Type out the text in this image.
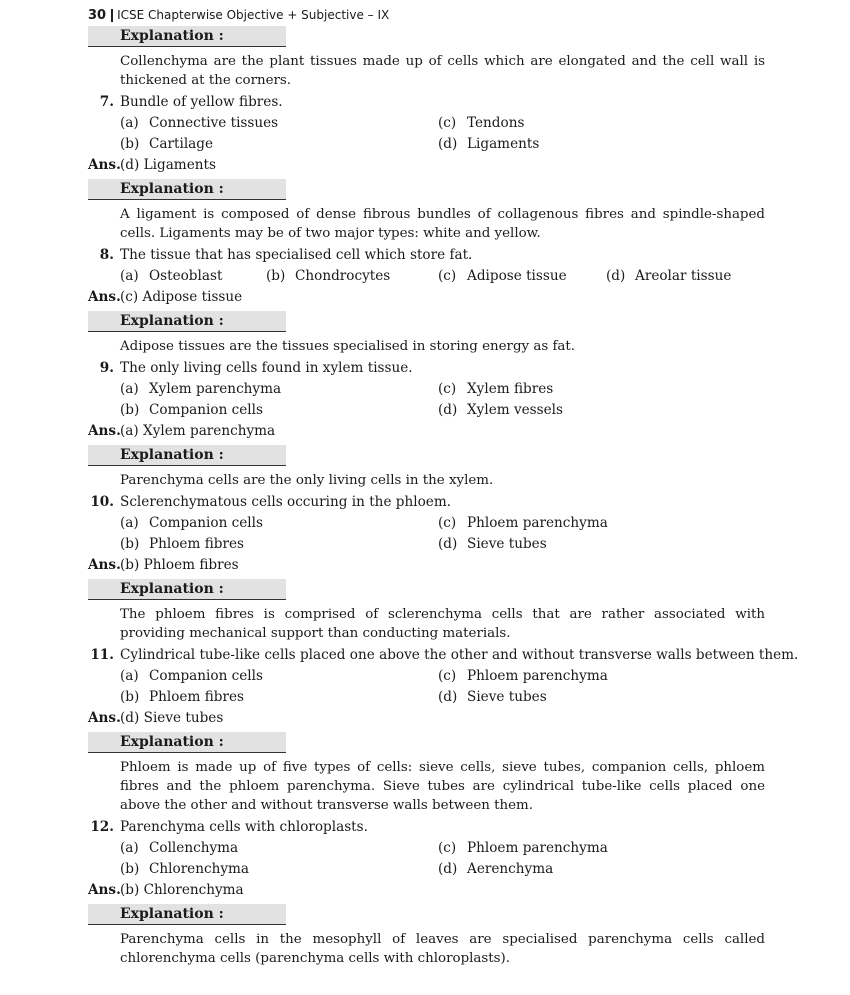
30 ICSE Chapterwise Objective + Subjective – IX
Explanation :
Collenchyma are the plant tissues made up of cells which are elongated and the cell wall is thickened at the corners.
7. Bundle of yellow fibres.
(a) Connective tissues	(c) Tendons
(b) Cartilage	(d) Ligaments
Ans. (d) Ligaments
Explanation :
A ligament is composed of dense fibrous bundles of collagenous fibres and spindle-shaped cells. Ligaments may be of two major types: white and yellow.
8. The tissue that has specialised cell which store fat.
(a) Osteoblast	(b) Chondrocytes	(c) Adipose tissue	(d) Areolar tissue
Ans. (c) Adipose tissue
Explanation :
Adipose tissues are the tissues specialised in storing energy as fat.
9. The only living cells found in xylem tissue.
(a) Xylem parenchyma	(c) Xylem fibres
(b) Companion cells	(d) Xylem vessels
Ans. (a) Xylem parenchyma
Explanation :
Parenchyma cells are the only living cells in the xylem.
10. Sclerenchymatous cells occuring in the phloem.
(a) Companion cells	(c) Phloem parenchyma
(b) Phloem fibres	(d) Sieve tubes
Ans. (b) Phloem fibres
Explanation :
The phloem fibres is comprised of sclerenchyma cells that are rather associated with providing mechanical support than conducting materials.
11. Cylindrical tube-like cells placed one above the other and without transverse walls between them.
(a) Companion cells	(c) Phloem parenchyma
(b) Phloem fibres	(d) Sieve tubes
Ans. (d) Sieve tubes
Explanation :
Phloem is made up of five types of cells: sieve cells, sieve tubes, companion cells, phloem fibres and the phloem parenchyma. Sieve tubes are cylindrical tube-like cells placed one above the other and without transverse walls between them.
12. Parenchyma cells with chloroplasts.
(a) Collenchyma	(c) Phloem parenchyma
(b) Chlorenchyma	(d) Aerenchyma
Ans. (b) Chlorenchyma
Explanation :
Parenchyma cells in the mesophyll of leaves are specialised parenchyma cells called chlorenchyma cells (parenchyma cells with chloroplasts).
